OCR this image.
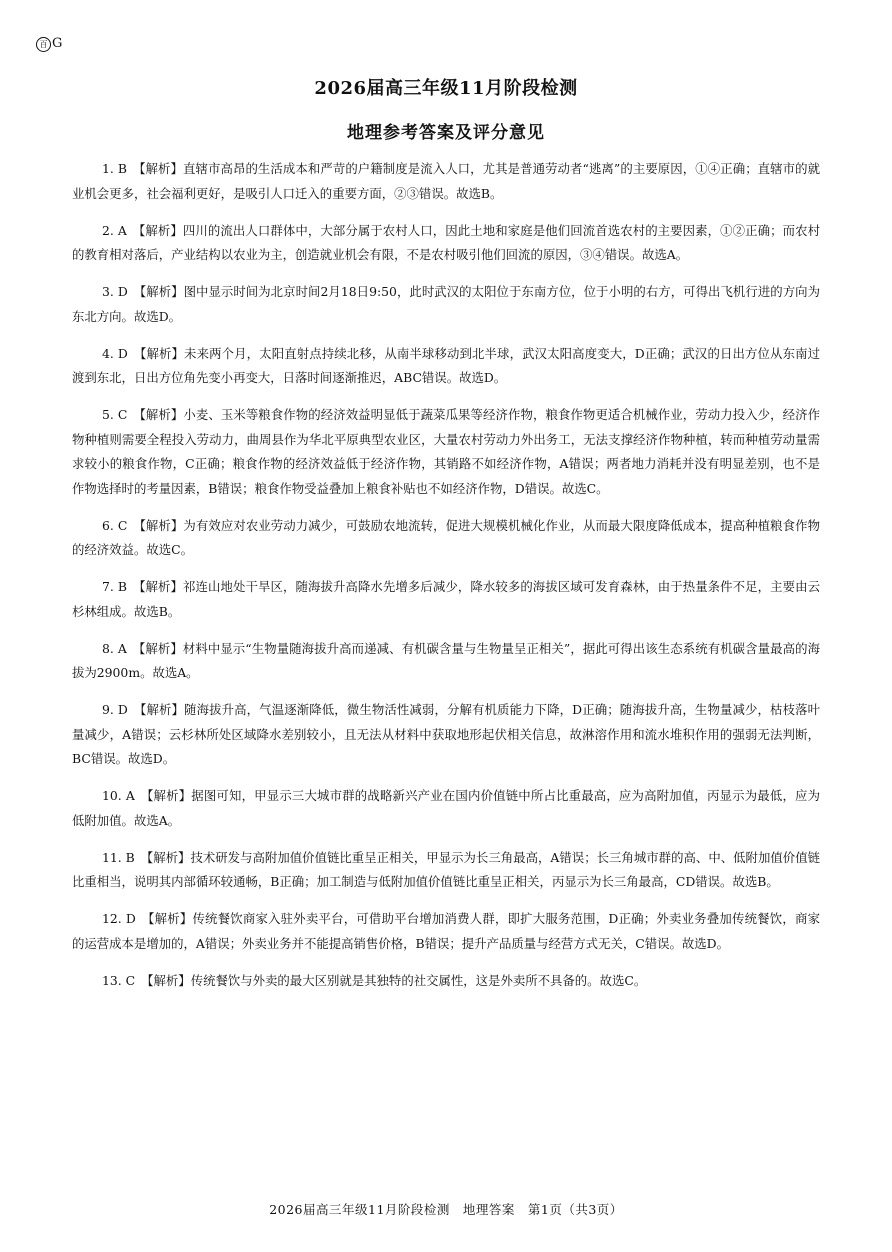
百 G
2026届高三年级11月阶段检测
地理参考答案及评分意见

1. B 【解析】直辖市高昂的生活成本和严苛的户籍制度是流入人口，尤其是普通劳动者“逃离”的主要原因，①④正确；直辖市的就业机会更多，社会福利更好，是吸引人口迁入的重要方面，②③错误。故选B。

2. A 【解析】四川的流出人口群体中，大部分属于农村人口，因此土地和家庭是他们回流首选农村的主要因素，①②正确；而农村的教育相对落后，产业结构以农业为主，创造就业机会有限，不是农村吸引他们回流的原因，③④错误。故选A。

3. D 【解析】图中显示时间为北京时间2月18日9:50，此时武汉的太阳位于东南方位，位于小明的右方，可得出飞机行进的方向为东北方向。故选D。

4. D 【解析】未来两个月，太阳直射点持续北移，从南半球移动到北半球，武汉太阳高度变大，D正确；武汉的日出方位从东南过渡到东北，日出方位角先变小再变大，日落时间逐渐推迟，ABC错误。故选D。

5. C 【解析】小麦、玉米等粮食作物的经济效益明显低于蔬菜瓜果等经济作物，粮食作物更适合机械作业，劳动力投入少，经济作物种植则需要全程投入劳动力，曲周县作为华北平原典型农业区，大量农村劳动力外出务工，无法支撑经济作物种植，转而种植劳动量需求较小的粮食作物，C正确；粮食作物的经济效益低于经济作物，其销路不如经济作物，A错误；两者地力消耗并没有明显差别，也不是作物选择时的考量因素，B错误；粮食作物受益叠加上粮食补贴也不如经济作物，D错误。故选C。

6. C 【解析】为有效应对农业劳动力减少，可鼓励农地流转，促进大规模机械化作业，从而最大限度降低成本，提高种植粮食作物的经济效益。故选C。

7. B 【解析】祁连山地处干旱区，随海拔升高降水先增多后减少，降水较多的海拔区域可发育森林，由于热量条件不足，主要由云杉林组成。故选B。

8. A 【解析】材料中显示“生物量随海拔升高而递减、有机碳含量与生物量呈正相关”，据此可得出该生态系统有机碳含量最高的海拔为2900m。故选A。

9. D 【解析】随海拔升高，气温逐渐降低，微生物活性减弱，分解有机质能力下降，D正确；随海拔升高，生物量减少，枯枝落叶量减少，A错误；云杉林所处区域降水差别较小，且无法从材料中获取地形起伏相关信息，故淋溶作用和流水堆积作用的强弱无法判断，BC错误。故选D。

10. A 【解析】据图可知，甲显示三大城市群的战略新兴产业在国内价值链中所占比重最高，应为高附加值，丙显示为最低，应为低附加值。故选A。

11. B 【解析】技术研发与高附加值价值链比重呈正相关，甲显示为长三角最高，A错误；长三角城市群的高、中、低附加值价值链比重相当，说明其内部循环较通畅，B正确；加工制造与低附加值价值链比重呈正相关，丙显示为长三角最高，CD错误。故选B。

12. D 【解析】传统餐饮商家入驻外卖平台，可借助平台增加消费人群，即扩大服务范围，D正确；外卖业务叠加传统餐饮，商家的运营成本是增加的，A错误；外卖业务并不能提高销售价格，B错误；提升产品质量与经营方式无关，C错误。故选D。

13. C 【解析】传统餐饮与外卖的最大区别就是其独特的社交属性，这是外卖所不具备的。故选C。

2026届高三年级11月阶段检测　地理答案　第1页（共3页）
